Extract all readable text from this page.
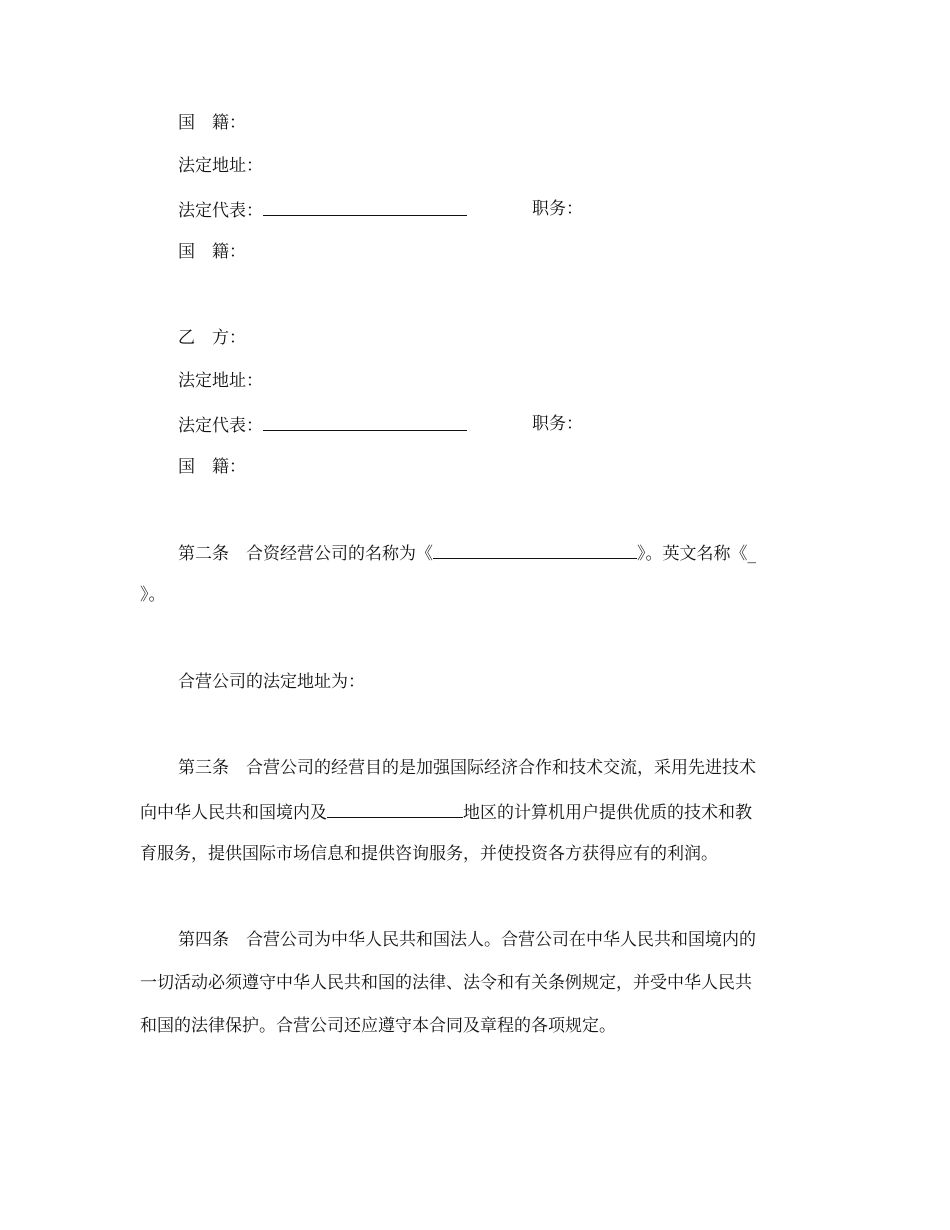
国　籍：
法定地址：
法定代表：	职务：
国　籍：
乙　方：
法定地址：
法定代表：	职务：
国　籍：
第二条　合资经营公司的名称为《	》。英文名称《_
》。
合营公司的法定地址为：
第三条　合营公司的经营目的是加强国际经济合作和技术交流，采用先进技术
向中华人民共和国境内及	地区的计算机用户提供优质的技术和教
育服务，提供国际市场信息和提供咨询服务，并使投资各方获得应有的利润。
第四条　合营公司为中华人民共和国法人。合营公司在中华人民共和国境内的
一切活动必须遵守中华人民共和国的法律、法令和有关条例规定，并受中华人民共
和国的法律保护。合营公司还应遵守本合同及章程的各项规定。
